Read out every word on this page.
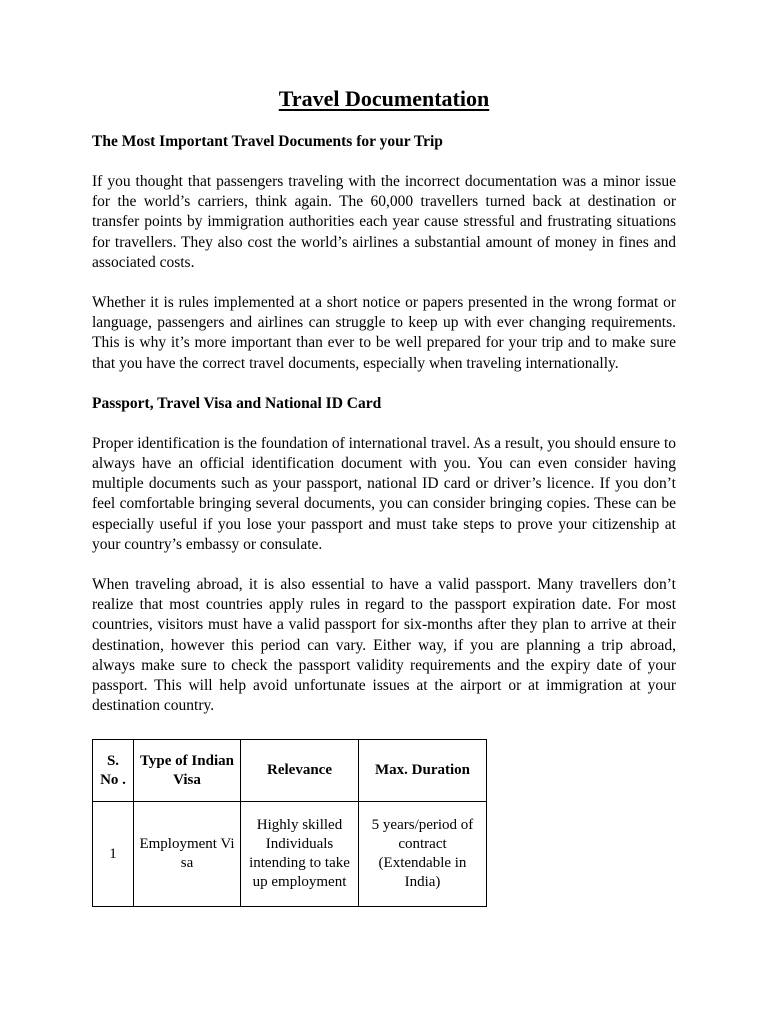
Travel Documentation
The Most Important Travel Documents for your Trip

If you thought that passengers traveling with the incorrect documentation was a minor issue for the world’s carriers, think again. The 60,000 travellers turned back at destination or transfer points by immigration authorities each year cause stressful and frustrating situations for travellers. They also cost the world’s airlines a substantial amount of money in fines and associated costs.

Whether it is rules implemented at a short notice or papers presented in the wrong format or language, passengers and airlines can struggle to keep up with ever changing requirements. This is why it’s more important than ever to be well prepared for your trip and to make sure that you have the correct travel documents, especially when traveling internationally.

Passport, Travel Visa and National ID Card

Proper identification is the foundation of international travel. As a result, you should ensure to always have an official identification document with you. You can even consider having multiple documents such as your passport, national ID card or driver’s licence. If you don’t feel comfortable bringing several documents, you can consider bringing copies. These can be especially useful if you lose your passport and must take steps to prove your citizenship at your country’s embassy or consulate.

When traveling abroad, it is also essential to have a valid passport. Many travellers don’t realize that most countries apply rules in regard to the passport expiration date. For most countries, visitors must have a valid passport for six-months after they plan to arrive at their destination, however this period can vary. Either way, if you are planning a trip abroad, always make sure to check the passport validity requirements and the expiry date of your passport. This will help avoid unfortunate issues at the airport or at immigration at your destination country.

S. No .	Type of Indian Visa	Relevance	Max. Duration
1	Employment Visa	Highly skilled Individuals intending to take up employment	5 years/period of contract (Extendable in India)
